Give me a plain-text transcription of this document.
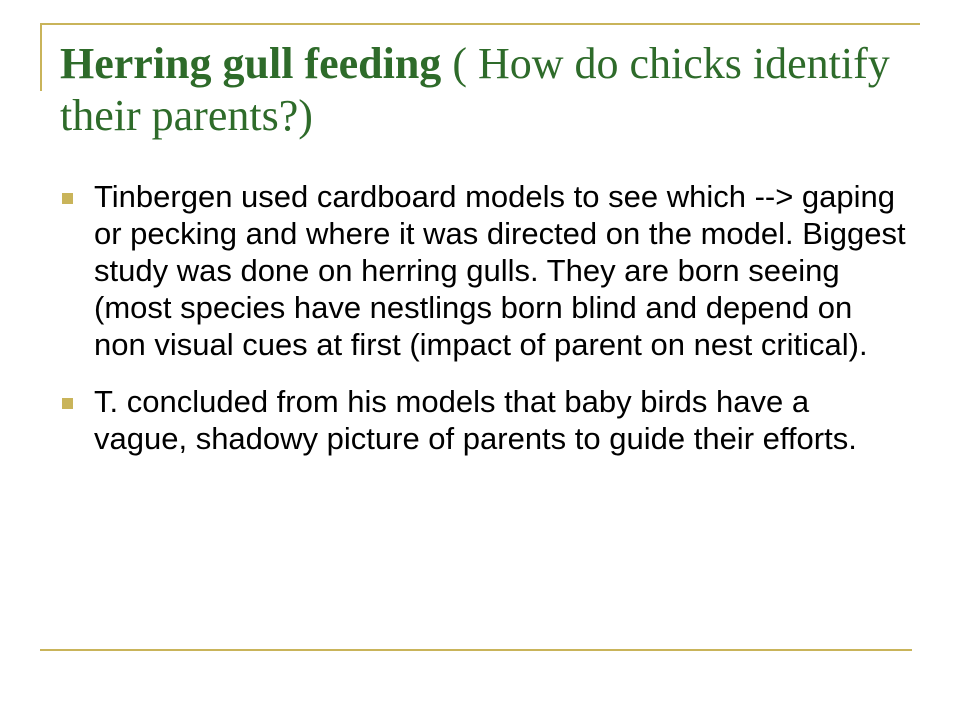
Herring gull feeding ( How do chicks identify their parents?)
Tinbergen used cardboard models to see which --> gaping or pecking and where it was directed on the model. Biggest study was done on herring gulls. They are born seeing (most species have nestlings born blind and depend on non visual cues at first (impact of parent on nest critical).
T. concluded from his models that baby birds have a vague, shadowy picture of parents to guide their efforts.
